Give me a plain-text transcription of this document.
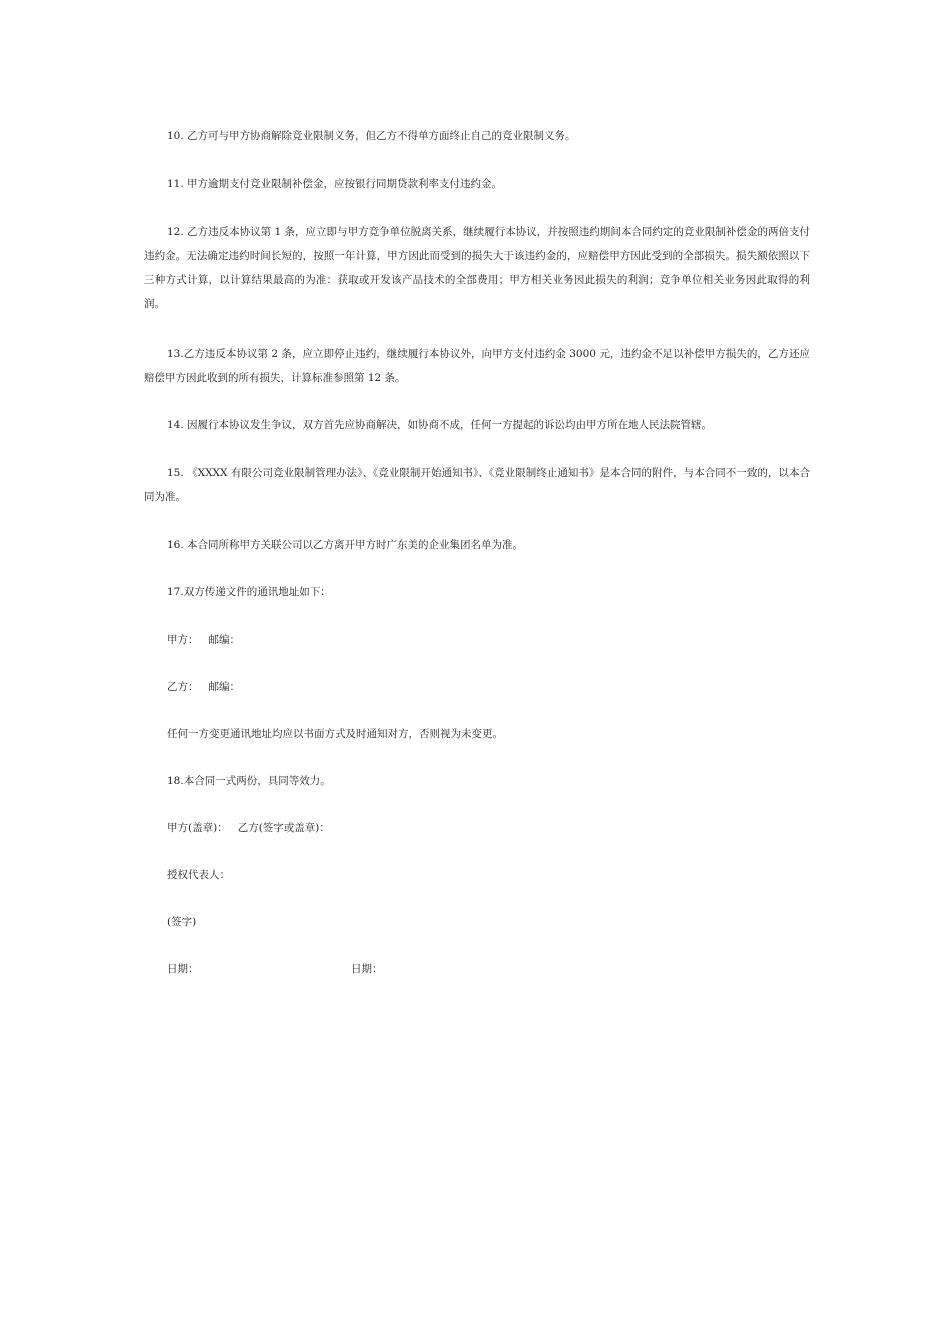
10. 乙方可与甲方协商解除竞业限制义务，但乙方不得单方面终止自己的竞业限制义务。

11. 甲方逾期支付竞业限制补偿金，应按银行同期贷款利率支付违约金。

12. 乙方违反本协议第 1 条，应立即与甲方竞争单位脱离关系，继续履行本协议，并按照违约期间本合同约定的竞业限制补偿金的两倍支付违约金。无法确定违约时间长短的，按照一年计算，甲方因此而受到的损失大于该违约金的，应赔偿甲方因此受到的全部损失。损失额依照以下三种方式计算，以计算结果最高的为准：获取或开发该产品技术的全部费用；甲方相关业务因此损失的利润；竞争单位相关业务因此取得的利润。

13.乙方违反本协议第 2 条，应立即停止违约，继续履行本协议外，向甲方支付违约金 3000 元，违约金不足以补偿甲方损失的，乙方还应赔偿甲方因此收到的所有损失，计算标准参照第 12 条。

14. 因履行本协议发生争议，双方首先应协商解决，如协商不成，任何一方提起的诉讼均由甲方所在地人民法院管辖。

15. 《XXXX 有限公司竞业限制管理办法》、《竞业限制开始通知书》、《竞业限制终止通知书》是本合同的附件，与本合同不一致的，以本合同为准。

16. 本合同所称甲方关联公司以乙方离开甲方时广东美的企业集团名单为准。

17.双方传递文件的通讯地址如下：

甲方：   邮编：

乙方：   邮编：

任何一方变更通讯地址均应以书面方式及时通知对方，否则视为未变更。

18.本合同一式两份，具同等效力。

甲方(盖章)：   乙方(签字或盖章)：

授权代表人：

(签字)

日期：	日期：
